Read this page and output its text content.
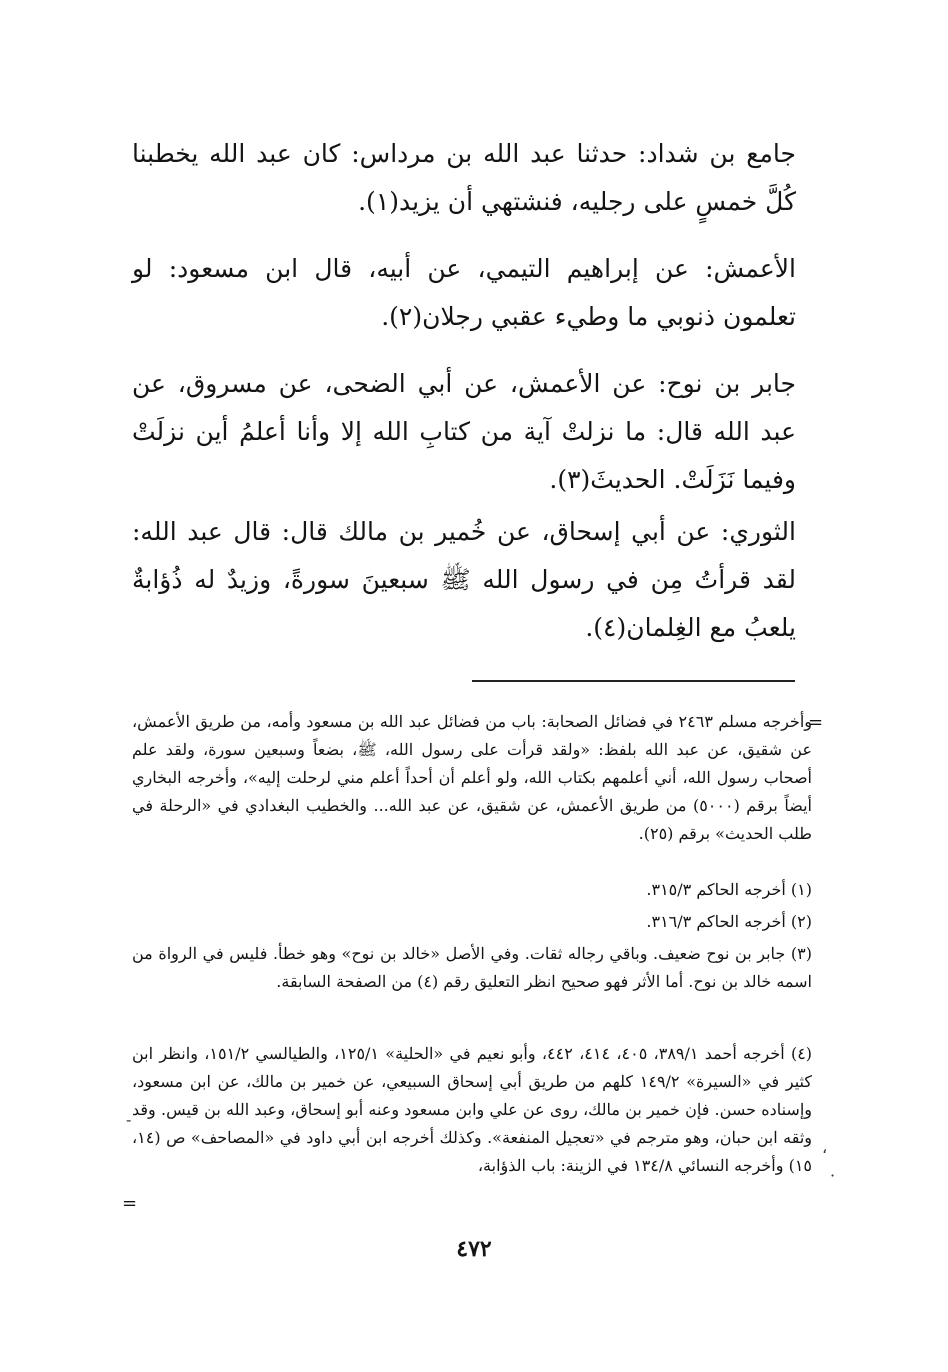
جامع بن شداد: حدثنا عبد الله بن مرداس: كان عبد الله يخطبنا كُلَّ خمسٍ على رجليه، فنشتهي أن يزيد(١).

الأعمش: عن إبراهيم التيمي، عن أبيه، قال ابن مسعود: لو تعلمون ذنوبي ما وطيء عقبي رجلان(٢).

جابر بن نوح: عن الأعمش، عن أبي الضحى، عن مسروق، عن عبد الله قال: ما نزلتْ آية من كتابِ الله إلا وأنا أعلمُ أين نزلَتْ وفيما نَزَلَتْ. الحديثَ(٣).

الثوري: عن أبي إسحاق، عن خُمير بن مالك قال: قال عبد الله: لقد قرأتُ مِن في رسول الله ﷺ سبعينَ سورةً، وزيدٌ له ذُؤابةٌ يلعبُ مع الغِلمان(٤).

=

وأخرجه مسلم ٢٤٦٣ في فضائل الصحابة: باب من فضائل عبد الله بن مسعود وأمه، من طريق الأعمش، عن شقيق، عن عبد الله بلفظ: «ولقد قرأت على رسول الله، ﷺ، بضعاً وسبعين سورة، ولقد علم أصحاب رسول الله، أني أعلمهم بكتاب الله، ولو أعلم أن أحداً أعلم مني لرحلت إليه»، وأخرجه البخاري أيضاً برقم (٥٠٠٠) من طريق الأعمش، عن شقيق، عن عبد الله... والخطيب البغدادي في «الرحلة في طلب الحديث» برقم (٢٥).

(١) أخرجه الحاكم ٣١٥/٣.

(٢) أخرجه الحاكم ٣١٦/٣.

(٣) جابر بن نوح ضعيف. وباقي رجاله ثقات. وفي الأصل «خالد بن نوح» وهو خطأ. فليس في الرواة من اسمه خالد بن نوح. أما الأثر فهو صحيح انظر التعليق رقم (٤) من الصفحة السابقة.

(٤) أخرجه أحمد ٣٨٩/١، ٤٠٥، ٤١٤، ٤٤٢، وأبو نعيم في «الحلية» ١٢٥/١، والطيالسي ١٥١/٢، وانظر ابن كثير في «السيرة» ١٤٩/٢ كلهم من طريق أبي إسحاق السبيعي، عن خمير بن مالك، عن ابن مسعود، وإسناده حسن. فإن خمير بن مالك، روى عن علي وابن مسعود وعنه أبو إسحاق، وعبد الله بن قيس. وقد وثقه ابن حبان، وهو مترجم في «تعجيل المنفعة». وكذلك أخرجه ابن أبي داود في «المصاحف» ص (١٤، ١٥) وأخرجه النسائي ١٣٤/٨ في الزينة: باب الذؤابة،

=
-
،
·
٤٧٢
